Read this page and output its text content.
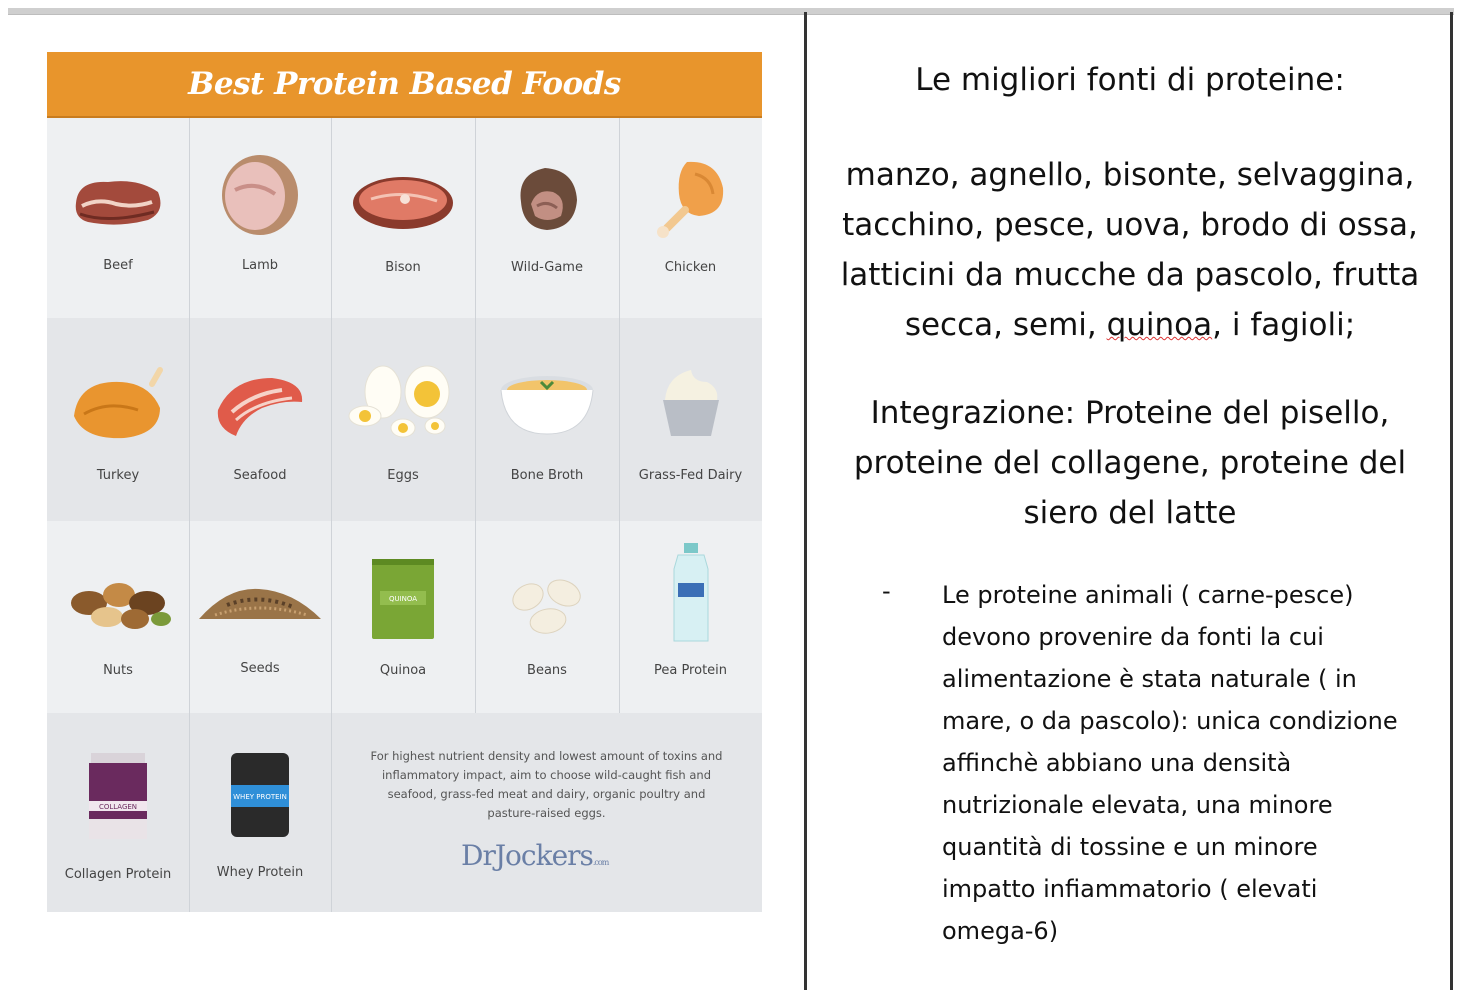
Best Protein Based Foods
Beef	Lamb	Bison	Wild-Game	Chicken
Turkey	Seafood	Eggs	Bone Broth	Grass-Fed Dairy
Nuts	Seeds
QUINOA
Quinoa	Beans	Pea Protein
COLLAGEN
Collagen Protein
WHEY PROTEIN
Whey Protein
For highest nutrient density and lowest amount of toxins and inflammatory impact, aim to choose wild-caught fish and seafood, grass-fed meat and dairy, organic poultry and pasture-raised eggs.
DrJockers.com
Le migliori fonti di proteine:
manzo, agnello, bisonte, selvaggina,
tacchino, pesce, uova, brodo di ossa,
latticini da mucche da pascolo, frutta
secca, semi, quinoa, i fagioli;
Integrazione: Proteine del pisello, proteine del collagene, proteine del siero del latte
- Le proteine animali ( carne-pesce) devono provenire da fonti la cui alimentazione è stata naturale ( in mare, o da pascolo): unica condizione affinchè abbiano una densità nutrizionale elevata, una minore quantità di tossine e un minore impatto infiammatorio ( elevati omega-6)
